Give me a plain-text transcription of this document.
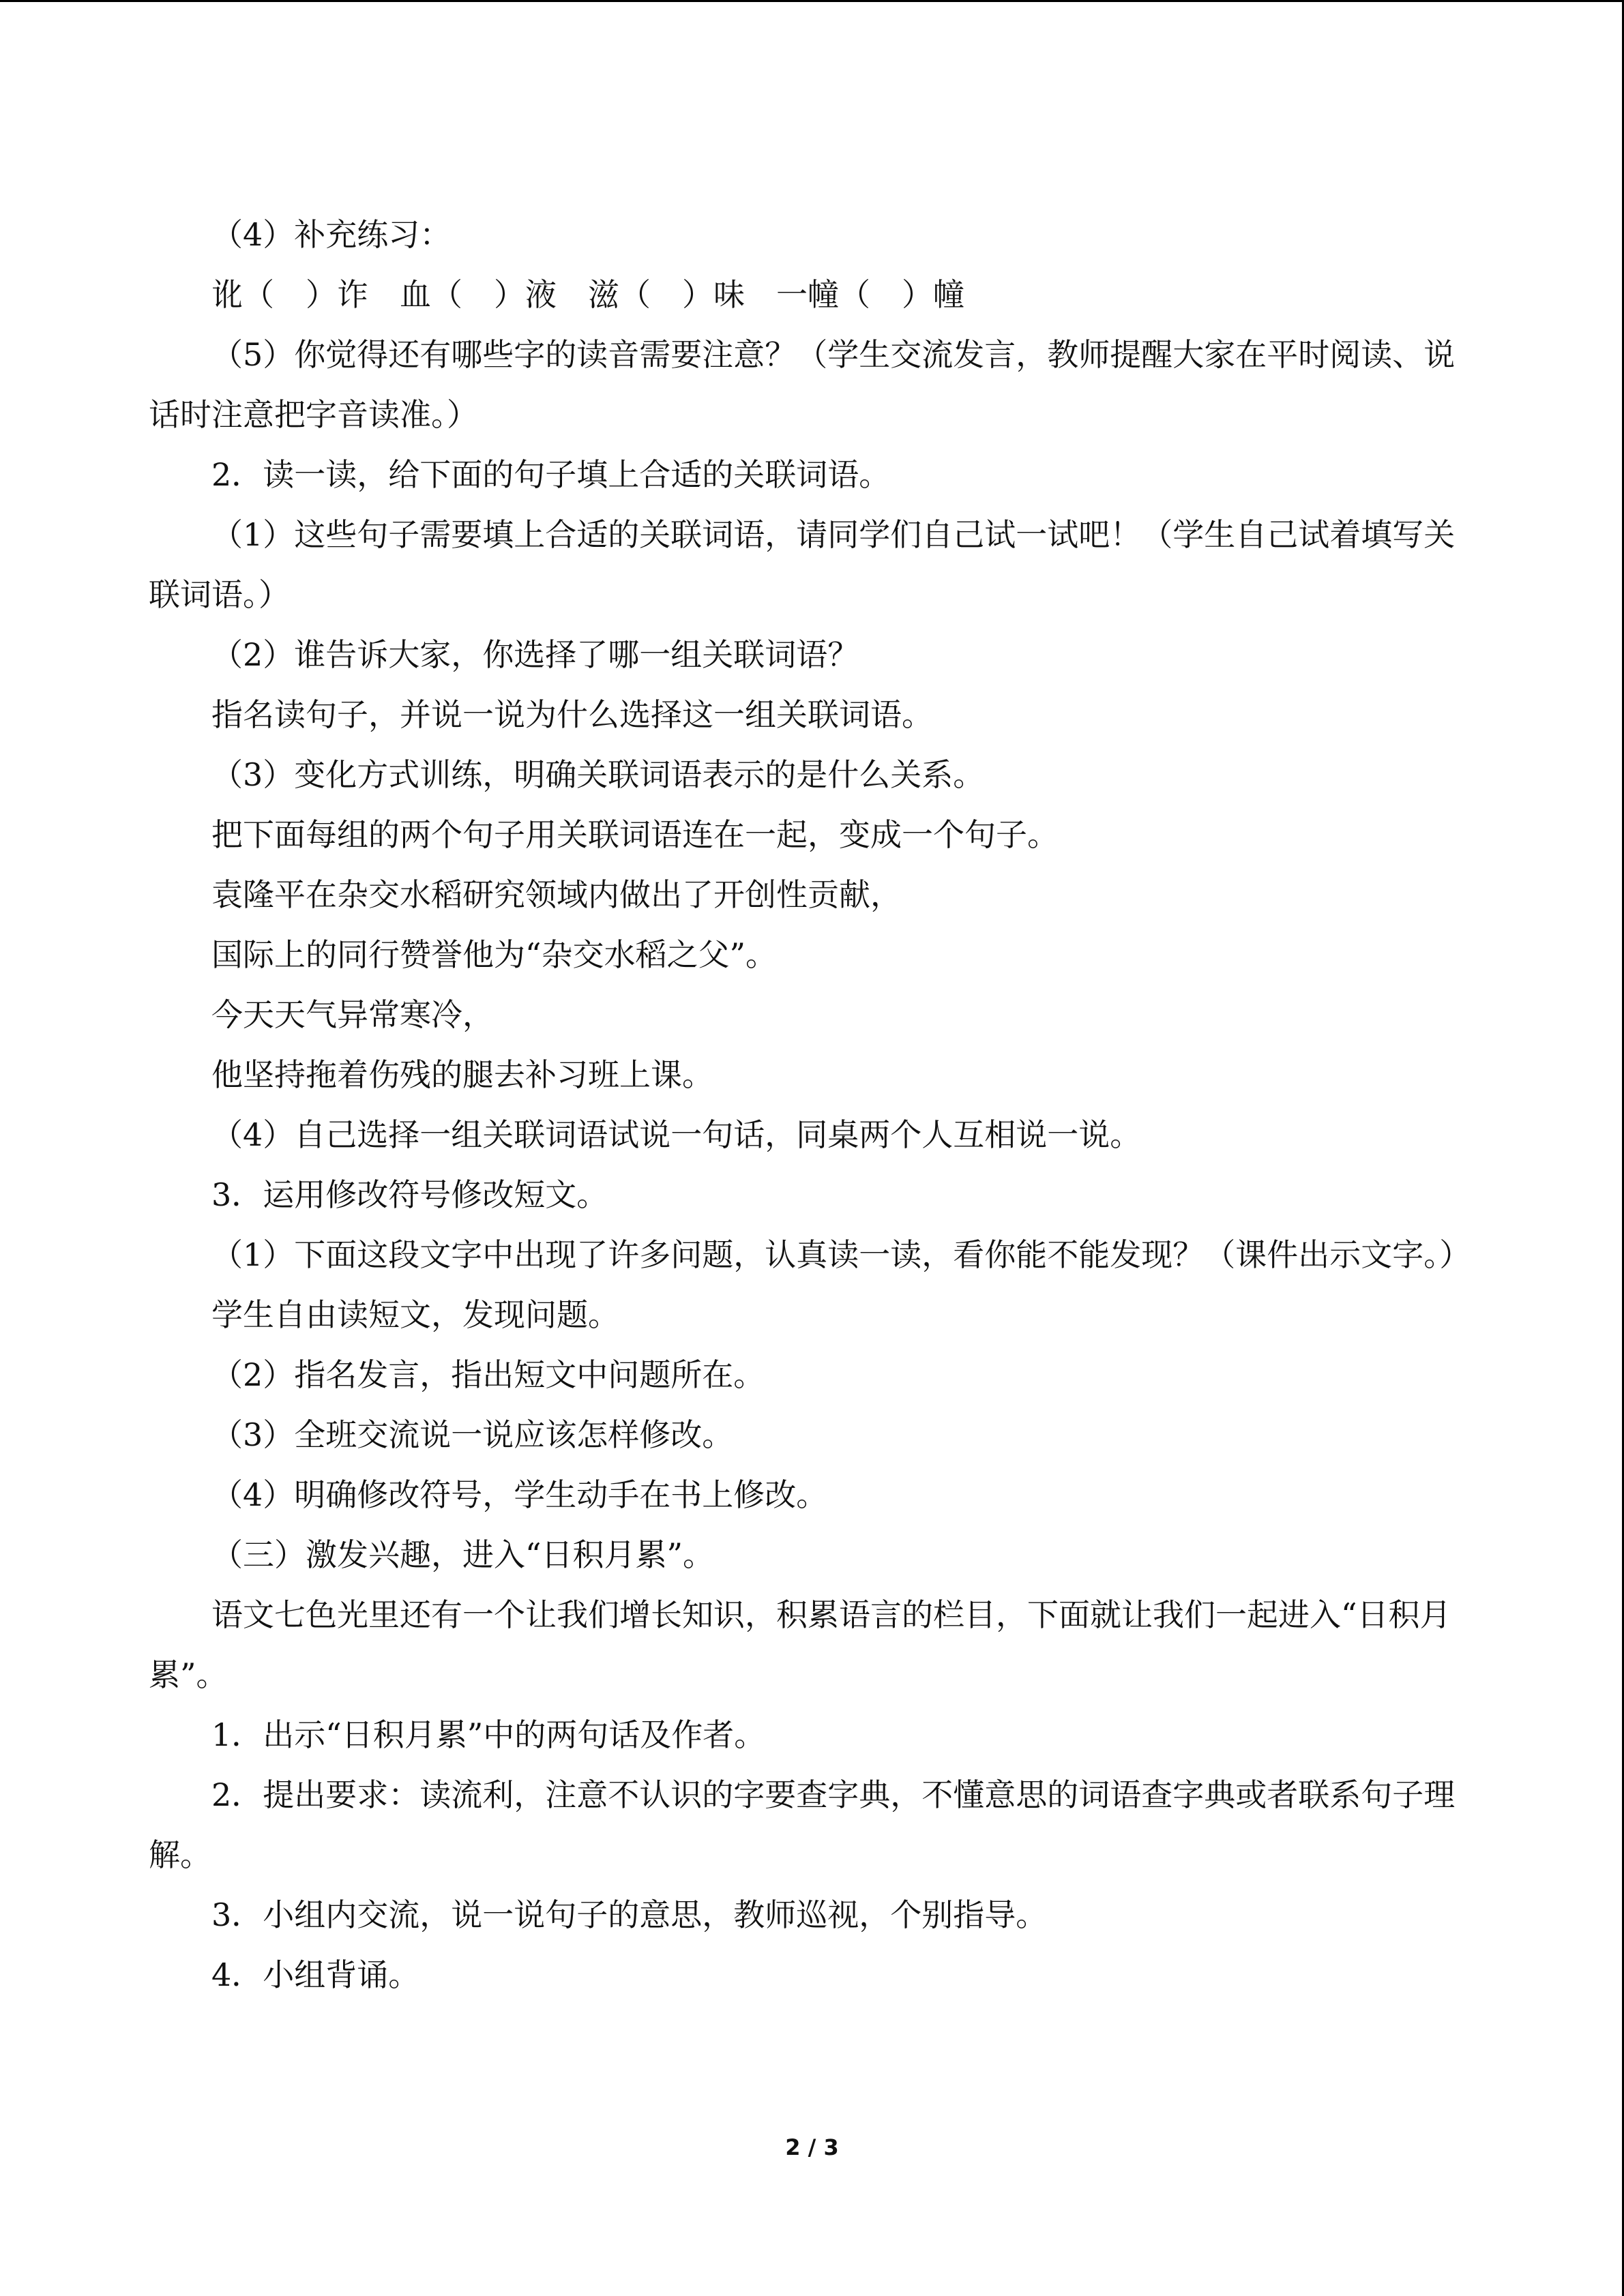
（4）补充练习：

讹（　）诈　血（　）液　滋（　）味　一幢（　）幢

（5）你觉得还有哪些字的读音需要注意？（学生交流发言，教师提醒大家在平时阅读、说话时注意把字音读准。）

2．读一读，给下面的句子填上合适的关联词语。

（1）这些句子需要填上合适的关联词语，请同学们自己试一试吧！（学生自己试着填写关联词语。）

（2）谁告诉大家，你选择了哪一组关联词语？

指名读句子，并说一说为什么选择这一组关联词语。

（3）变化方式训练，明确关联词语表示的是什么关系。

把下面每组的两个句子用关联词语连在一起，变成一个句子。

袁隆平在杂交水稻研究领域内做出了开创性贡献，

国际上的同行赞誉他为“杂交水稻之父”。

今天天气异常寒冷，

他坚持拖着伤残的腿去补习班上课。

（4）自己选择一组关联词语试说一句话，同桌两个人互相说一说。

3．运用修改符号修改短文。

（1）下面这段文字中出现了许多问题，认真读一读，看你能不能发现？（课件出示文字。）

学生自由读短文，发现问题。

（2）指名发言，指出短文中问题所在。

（3）全班交流说一说应该怎样修改。

（4）明确修改符号，学生动手在书上修改。

（三）激发兴趣，进入“日积月累”。

语文七色光里还有一个让我们增长知识，积累语言的栏目，下面就让我们一起进入“日积月累”。

1．出示“日积月累”中的两句话及作者。

2．提出要求：读流利，注意不认识的字要查字典，不懂意思的词语查字典或者联系句子理解。

3．小组内交流，说一说句子的意思，教师巡视，个别指导。

4．小组背诵。

2 / 3
